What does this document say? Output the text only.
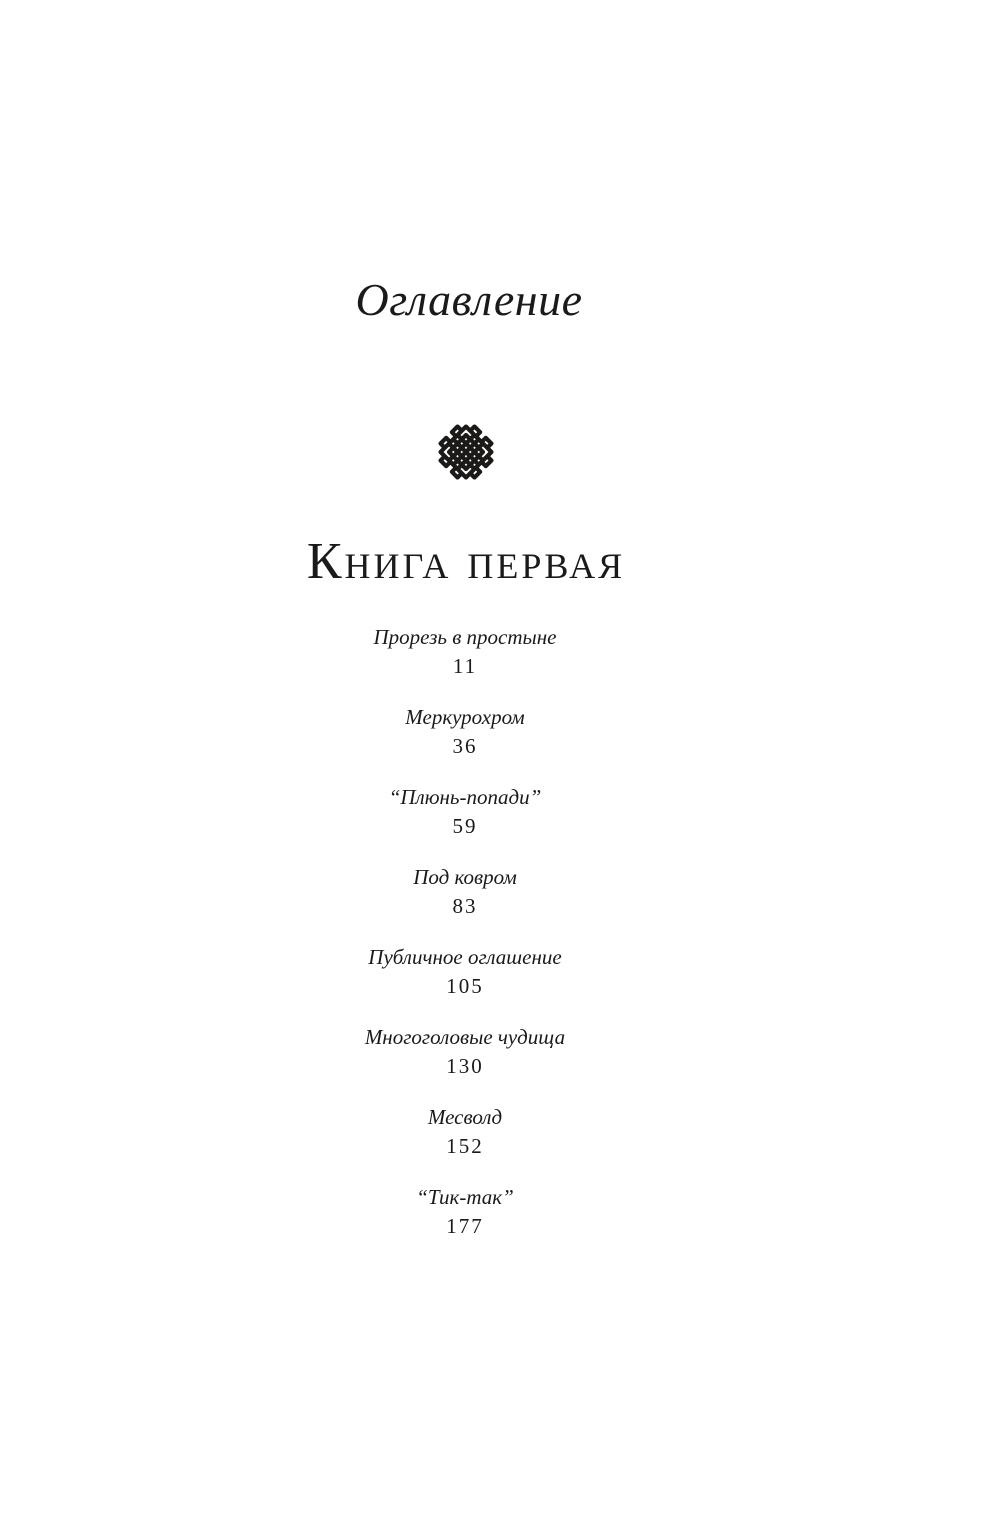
Оглавление
Книга первая
Прорезь в простыне
11
Меркурохром
36
“Плюнь-попади”
59
Под ковром
83
Публичное оглашение
105
Многоголовые чудища
130
Месволд
152
“Тик-так”
177
